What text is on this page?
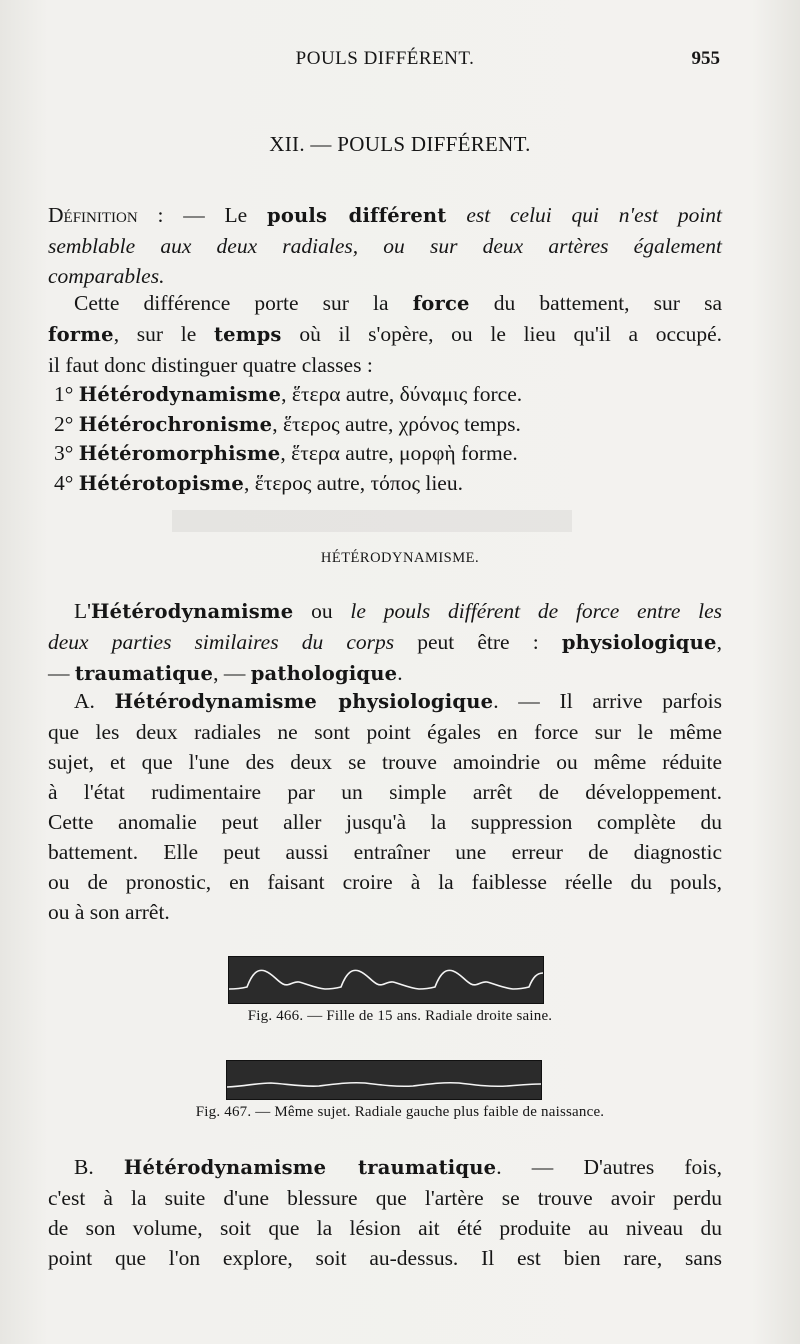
POULS DIFFÉRENT.	955
XII. — POULS DIFFÉRENT.
Définition : — Le pouls différent est celui qui n'est point
semblable aux deux radiales, ou sur deux artères également
comparables.
Cette différence porte sur la force du battement, sur sa
forme, sur le temps où il s'opère, ou le lieu qu'il a occupé.
il faut donc distinguer quatre classes :
1° Hétérodynamisme, ἕτερα autre, δύναμις force.
2° Hétérochronisme, ἕτερος autre, χρόνος temps.
3° Hétéromorphisme, ἕτερα autre, μορφὴ forme.
4° Hétérotopisme, ἕτερος autre, τόπος lieu.
HÉTÉRODYNAMISME.
L'Hétérodynamisme ou le pouls différent de force entre les
deux parties similaires du corps peut être : physiologique,
— traumatique, — pathologique.
A. Hétérodynamisme physiologique. — Il arrive parfois
que les deux radiales ne sont point égales en force sur le même
sujet, et que l'une des deux se trouve amoindrie ou même réduite
à l'état rudimentaire par un simple arrêt de développement.
Cette anomalie peut aller jusqu'à la suppression complète du
battement. Elle peut aussi entraîner une erreur de diagnostic
ou de pronostic, en faisant croire à la faiblesse réelle du pouls,
ou à son arrêt.
Fig. 466. — Fille de 15 ans. Radiale droite saine.
Fig. 467. — Même sujet. Radiale gauche plus faible de naissance.
B. Hétérodynamisme traumatique. — D'autres fois,
c'est à la suite d'une blessure que l'artère se trouve avoir perdu
de son volume, soit que la lésion ait été produite au niveau du
point que l'on explore, soit au-dessus. Il est bien rare, sans
